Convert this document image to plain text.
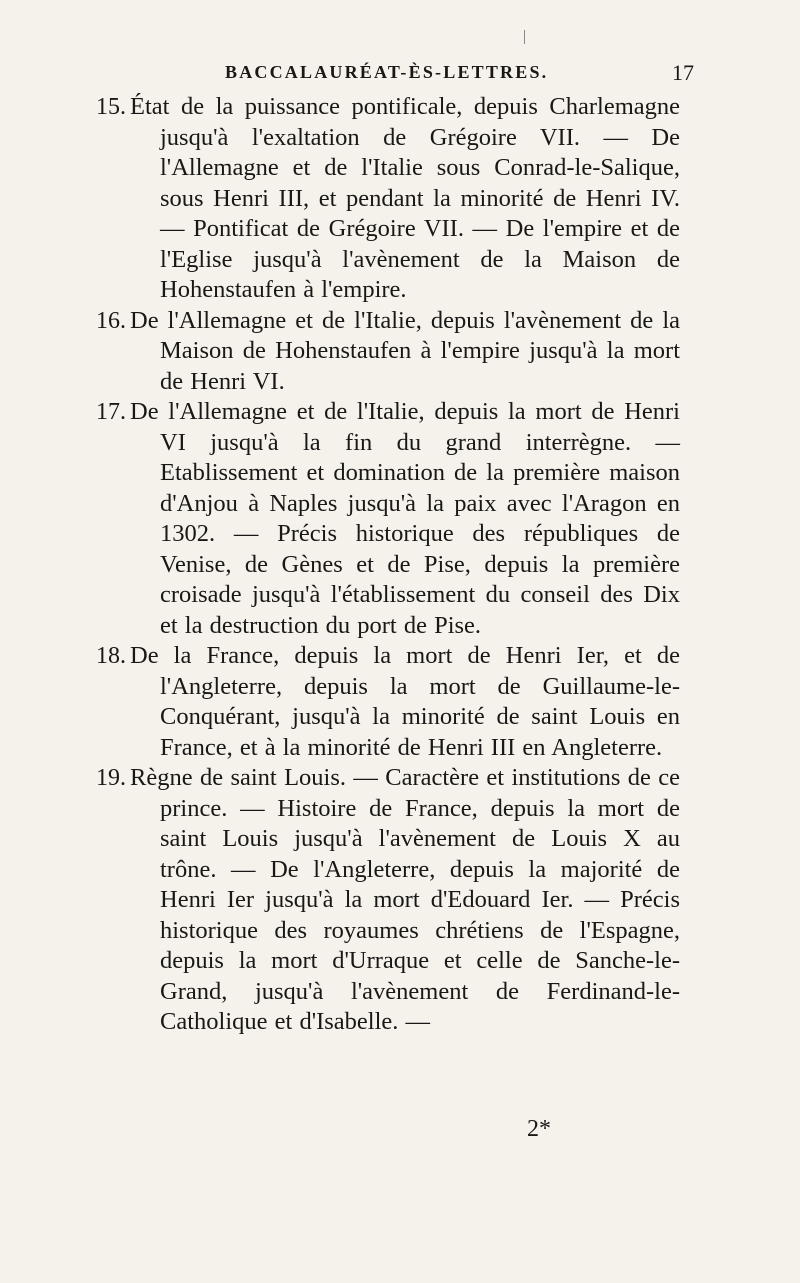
BACCALAURÉAT-ÈS-LETTRES.	17
15. État de la puissance pontificale, depuis Charlemagne jusqu'à l'exaltation de Grégoire VII. — De l'Allemagne et de l'Italie sous Conrad-le-Salique, sous Henri III, et pendant la minorité de Henri IV. — Pontificat de Grégoire VII. — De l'empire et de l'Eglise jusqu'à l'avènement de la Maison de Hohenstaufen à l'empire.
16. De l'Allemagne et de l'Italie, depuis l'avènement de la Maison de Hohenstaufen à l'empire jusqu'à la mort de Henri VI.
17. De l'Allemagne et de l'Italie, depuis la mort de Henri VI jusqu'à la fin du grand interrègne. — Etablissement et domination de la première maison d'Anjou à Naples jusqu'à la paix avec l'Aragon en 1302. — Précis historique des républiques de Venise, de Gènes et de Pise, depuis la première croisade jusqu'à l'établissement du conseil des Dix et la destruction du port de Pise.
18. De la France, depuis la mort de Henri Ier, et de l'Angleterre, depuis la mort de Guillaume-le-Conquérant, jusqu'à la minorité de saint Louis en France, et à la minorité de Henri III en Angleterre.
19. Règne de saint Louis. — Caractère et institutions de ce prince. — Histoire de France, depuis la mort de saint Louis jusqu'à l'avènement de Louis X au trône. — De l'Angleterre, depuis la majorité de Henri Ier jusqu'à la mort d'Edouard Ier. — Précis historique des royaumes chrétiens de l'Espagne, depuis la mort d'Urraque et celle de Sanche-le-Grand, jusqu'à l'avènement de Ferdinand-le-Catholique et d'Isabelle. —
2*
